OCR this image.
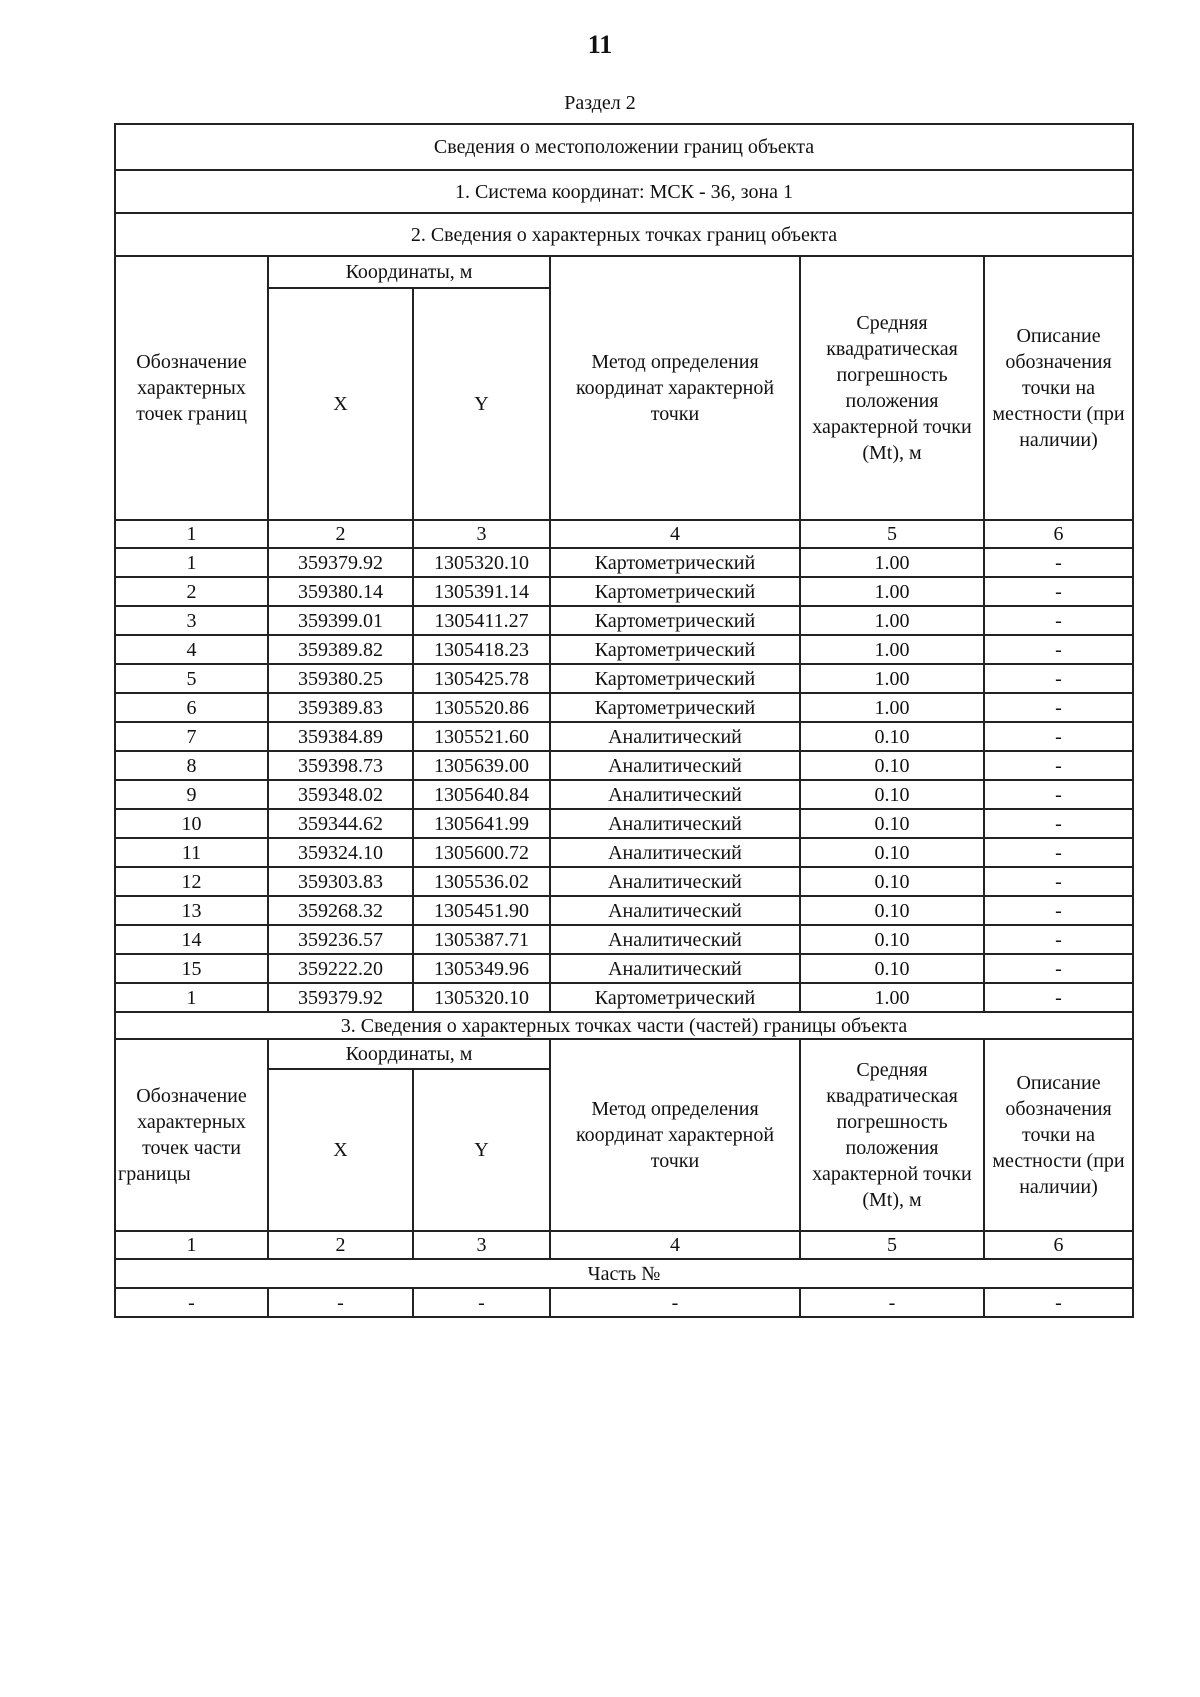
11
Раздел 2
Сведения о местоположении границ объекта					
1. Система координат: МСК - 36, зона 1					
2. Сведения о характерных точках границ объекта					
Обозначение характерных точек границ	Координаты, м		Метод определения координат характерной точки	Средняя квадратическая погрешность положения характерной точки (Mt), м	Описание обозначения точки на местности (при наличии)
	X	Y			
1	2	3	4	5	6
1	359379.92	1305320.10	Картометрический	1.00	-
2	359380.14	1305391.14	Картометрический	1.00	-
3	359399.01	1305411.27	Картометрический	1.00	-
4	359389.82	1305418.23	Картометрический	1.00	-
5	359380.25	1305425.78	Картометрический	1.00	-
6	359389.83	1305520.86	Картометрический	1.00	-
7	359384.89	1305521.60	Аналитический	0.10	-
8	359398.73	1305639.00	Аналитический	0.10	-
9	359348.02	1305640.84	Аналитический	0.10	-
10	359344.62	1305641.99	Аналитический	0.10	-
11	359324.10	1305600.72	Аналитический	0.10	-
12	359303.83	1305536.02	Аналитический	0.10	-
13	359268.32	1305451.90	Аналитический	0.10	-
14	359236.57	1305387.71	Аналитический	0.10	-
15	359222.20	1305349.96	Аналитический	0.10	-
1	359379.92	1305320.10	Картометрический	1.00	-
3. Сведения о характерных точках части (частей) границы объекта					
Обозначение характерных точек части границы	Координаты, м		Метод определения координат характерной точки	Средняя квадратическая погрешность положения характерной точки (Mt), м	Описание обозначения точки на местности (при наличии)
	X	Y			
1	2	3	4	5	6
Часть №					
-	-	-	-	-	-
